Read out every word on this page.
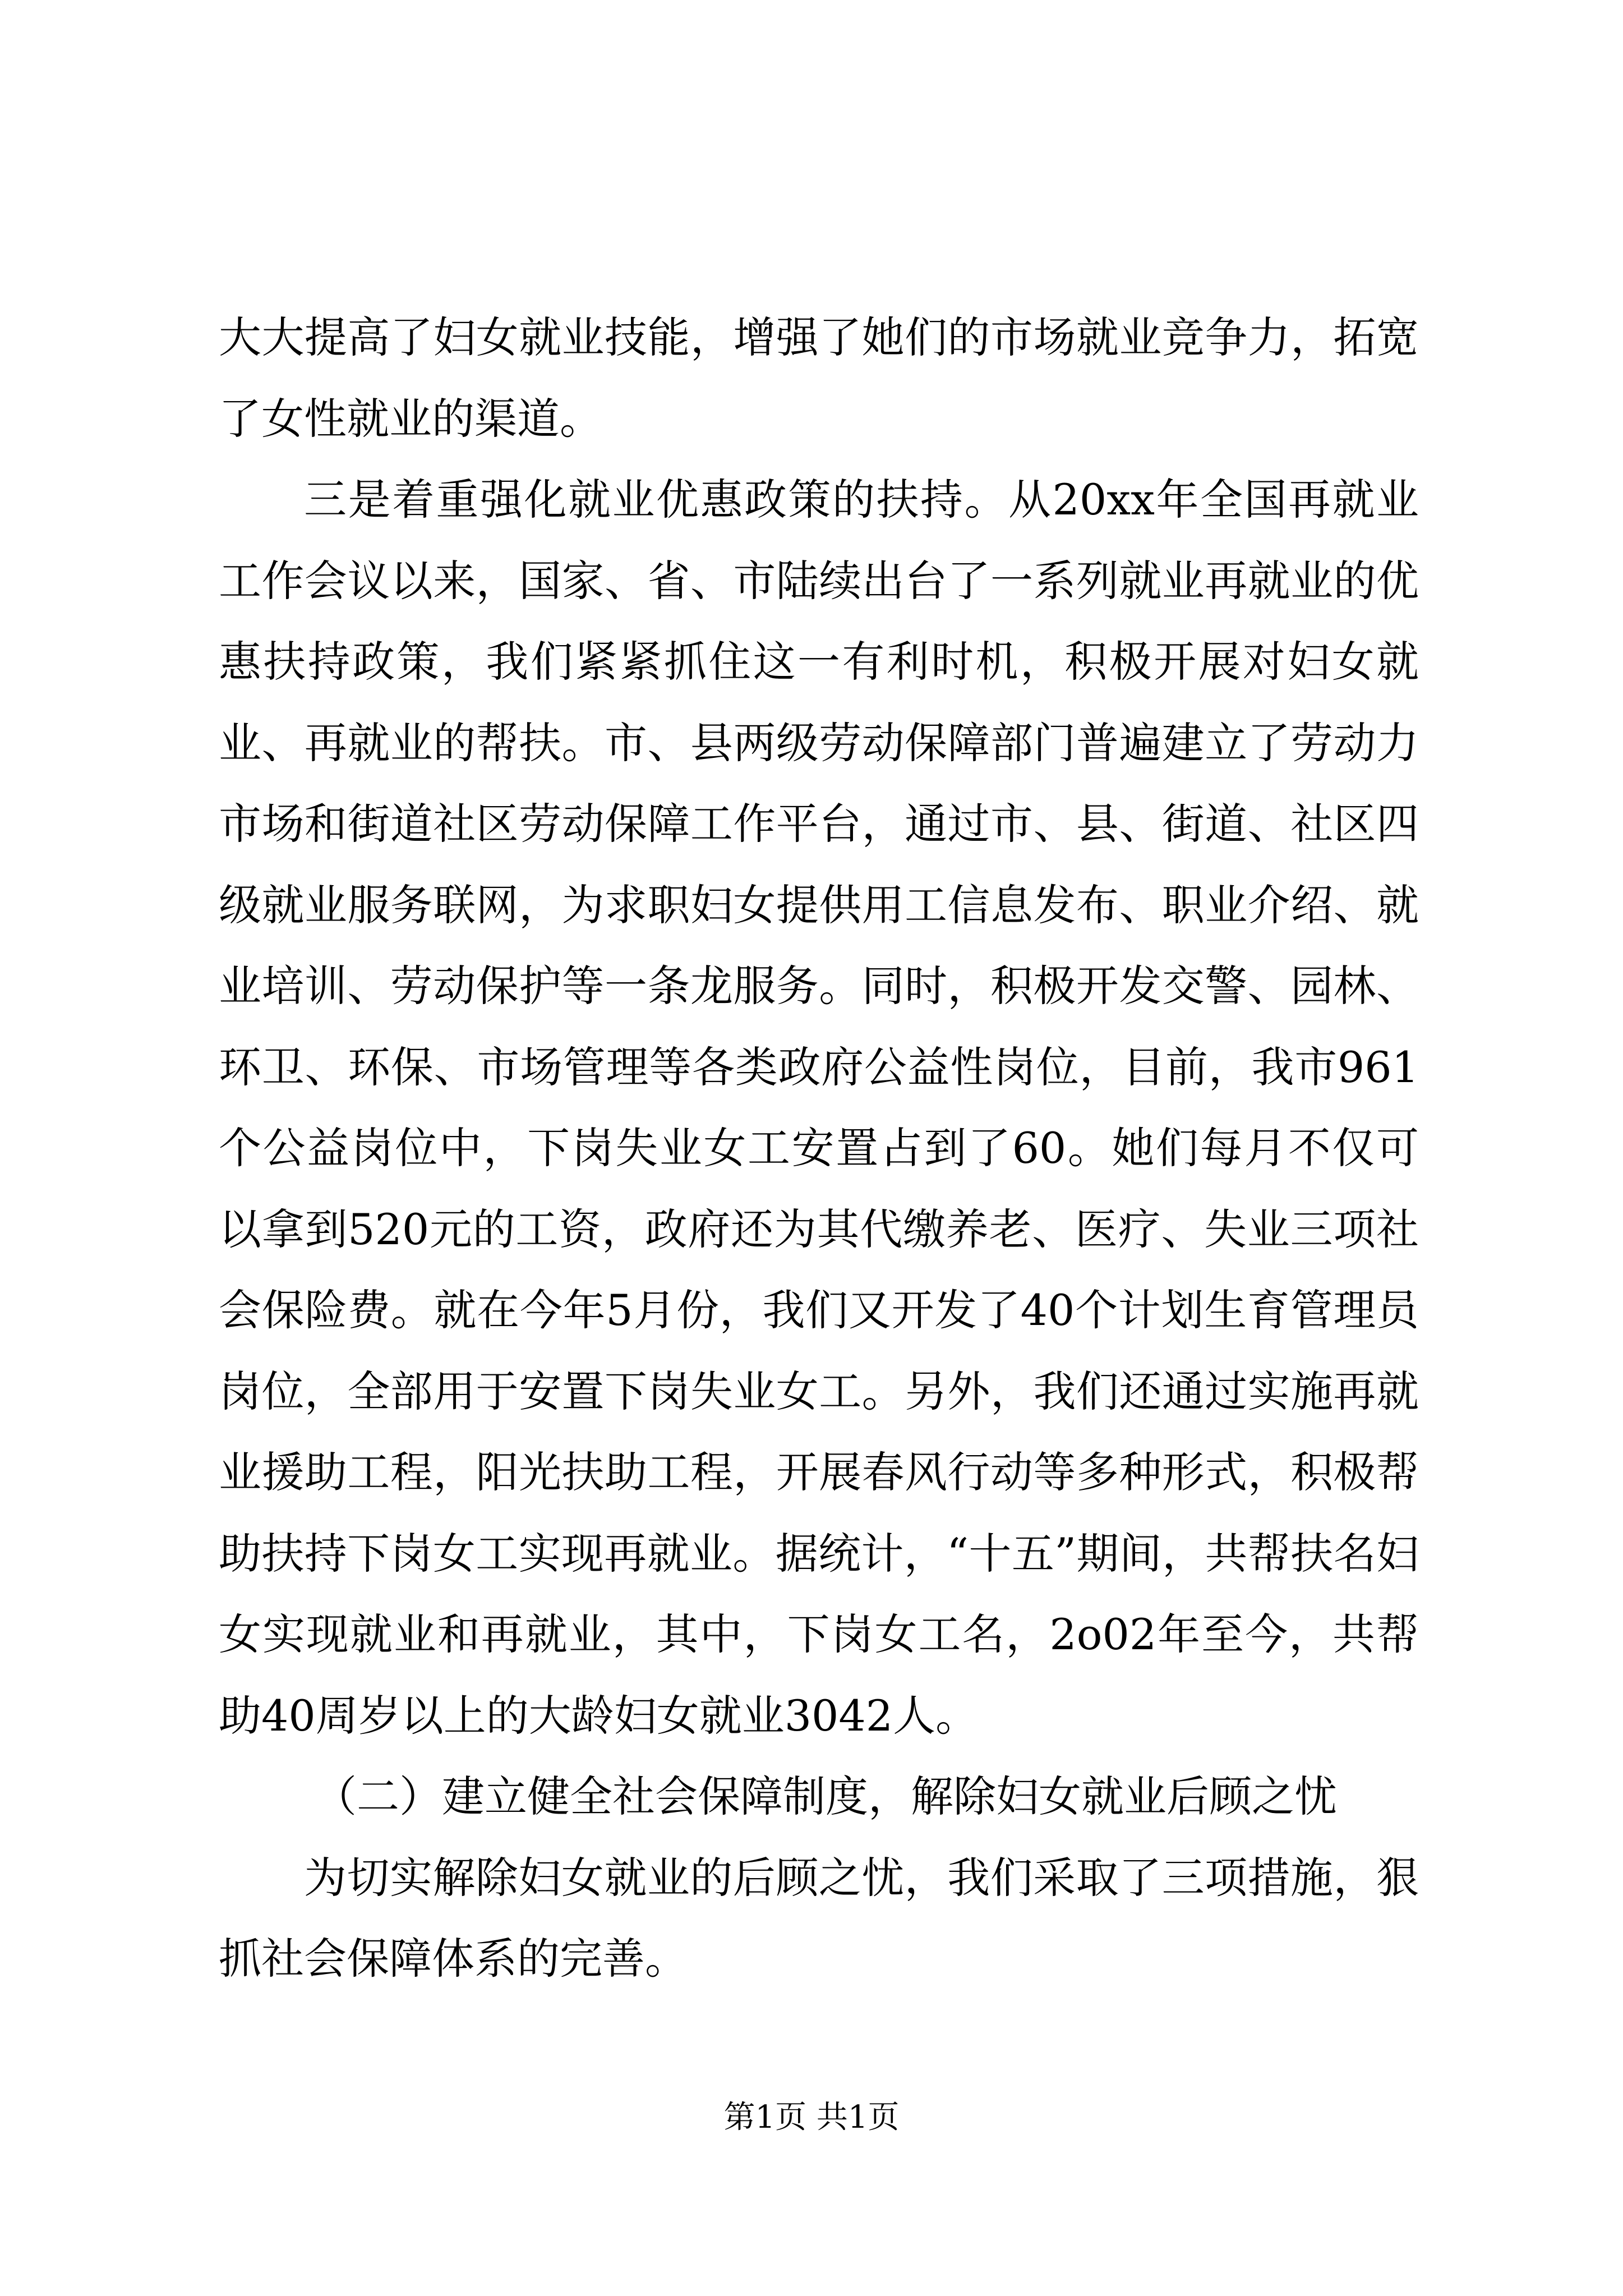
大大提高了妇女就业技能，增强了她们的市场就业竞争力，拓宽了女性就业的渠道。

三是着重强化就业优惠政策的扶持。从20xx年全国再就业工作会议以来，国家、省、市陆续出台了一系列就业再就业的优惠扶持政策，我们紧紧抓住这一有利时机，积极开展对妇女就业、再就业的帮扶。市、县两级劳动保障部门普遍建立了劳动力市场和街道社区劳动保障工作平台，通过市、县、街道、社区四级就业服务联网，为求职妇女提供用工信息发布、职业介绍、就业培训、劳动保护等一条龙服务。同时，积极开发交警、园林、环卫、环保、市场管理等各类政府公益性岗位，目前，我市961个公益岗位中，下岗失业女工安置占到了60。她们每月不仅可以拿到520元的工资，政府还为其代缴养老、医疗、失业三项社会保险费。就在今年5月份，我们又开发了40个计划生育管理员岗位，全部用于安置下岗失业女工。另外，我们还通过实施再就业援助工程，阳光扶助工程，开展春风行动等多种形式，积极帮助扶持下岗女工实现再就业。据统计，“十五”期间，共帮扶名妇女实现就业和再就业，其中，下岗女工名，2o02年至今，共帮助40周岁以上的大龄妇女就业3042人。

（二）建立健全社会保障制度，解除妇女就业后顾之忧

为切实解除妇女就业的后顾之忧，我们采取了三项措施，狠抓社会保障体系的完善。

第1页 共1页
